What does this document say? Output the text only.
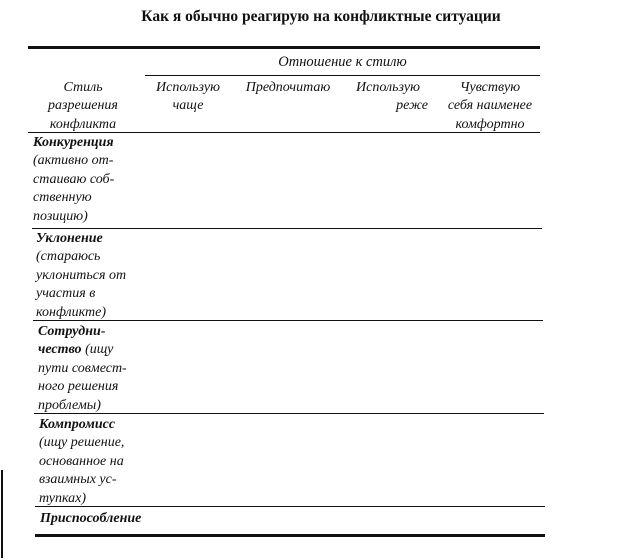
Как я обычно реагирую на конфликтные ситуации
Отношение к стилю
Стиль
разрешения
конфликта
Использую
чаще
Предпочитаю	Использую

реже
Чувствую
себя наименее
комфортно
Конкуренция
(активно от-
стаиваю соб-
ственную
позицию)
Уклонение
(стараюсь
уклониться от
участия в
конфликте)
Сотрудни-
чество (ищу
пути совмест-
ного решения
проблемы)
Компромисс
(ищу решение,
основанное на
взаимных ус-
тупках)
Приспособление
